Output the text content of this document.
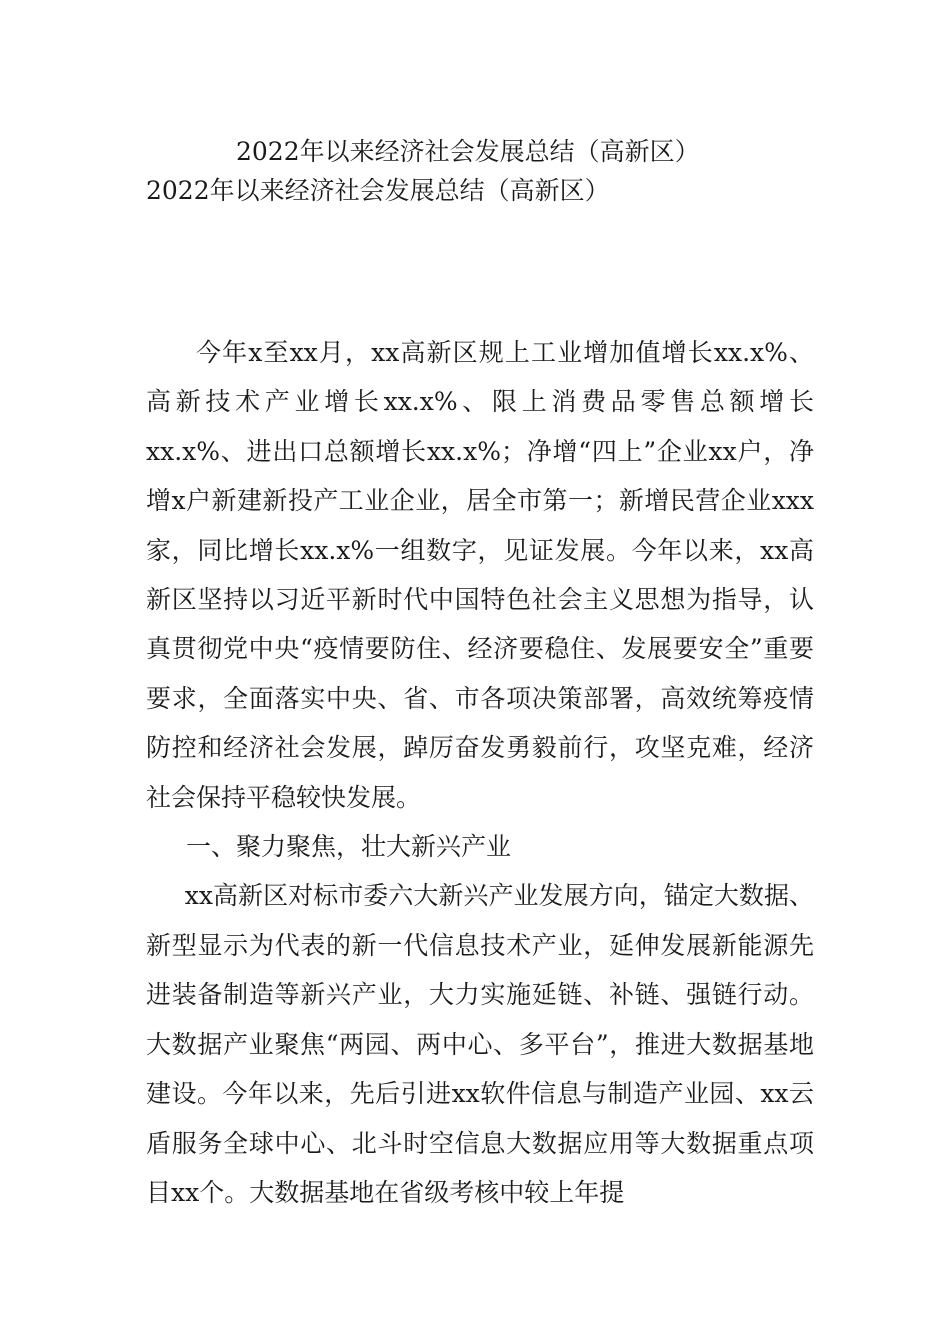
2022年以来经济社会发展总结（高新区）
2022年以来经济社会发展总结（高新区）

今年x至xx月，xx高新区规上工业增加值增长xx.x%、高新技术产业增长xx.x%、限上消费品零售总额增长xx.x%、进出口总额增长xx.x%；净增“四上”企业xx户，净增x户新建新投产工业企业，居全市第一；新增民营企业xxx家，同比增长xx.x%一组数字，见证发展。今年以来，xx高新区坚持以习近平新时代中国特色社会主义思想为指导，认真贯彻党中央“疫情要防住、经济要稳住、发展要安全”重要要求，全面落实中央、省、市各项决策部署，高效统筹疫情防控和经济社会发展，踔厉奋发勇毅前行，攻坚克难，经济社会保持平稳较快发展。

一、聚力聚焦，壮大新兴产业

xx高新区对标市委六大新兴产业发展方向，锚定大数据、新型显示为代表的新一代信息技术产业，延伸发展新能源先进装备制造等新兴产业，大力实施延链、补链、强链行动。大数据产业聚焦“两园、两中心、多平台”，推进大数据基地建设。今年以来，先后引进xx软件信息与制造产业园、xx云盾服务全球中心、北斗时空信息大数据应用等大数据重点项目xx个。大数据基地在省级考核中较上年提
